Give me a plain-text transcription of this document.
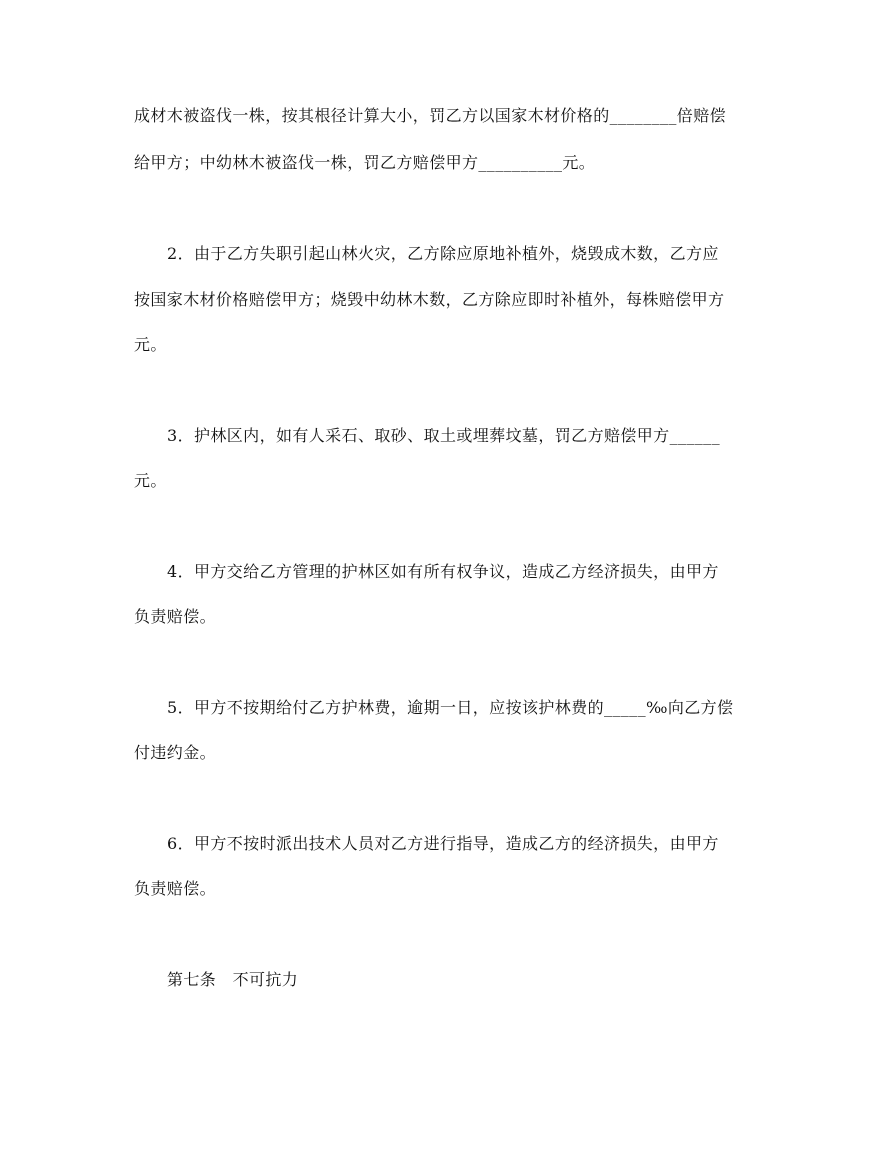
成材木被盗伐一株，按其根径计算大小，罚乙方以国家木材价格的________倍赔偿
给甲方；中幼林木被盗伐一株，罚乙方赔偿甲方__________元。
2．由于乙方失职引起山林火灾，乙方除应原地补植外，烧毁成木数，乙方应
按国家木材价格赔偿甲方；烧毁中幼林木数，乙方除应即时补植外，每株赔偿甲方
元。
3．护林区内，如有人采石、取砂、取土或埋葬坟墓，罚乙方赔偿甲方______
元。
4．甲方交给乙方管理的护林区如有所有权争议，造成乙方经济损失，由甲方
负责赔偿。
5．甲方不按期给付乙方护林费，逾期一日，应按该护林费的_____‰向乙方偿
付违约金。
6．甲方不按时派出技术人员对乙方进行指导，造成乙方的经济损失，由甲方
负责赔偿。
第七条　不可抗力
